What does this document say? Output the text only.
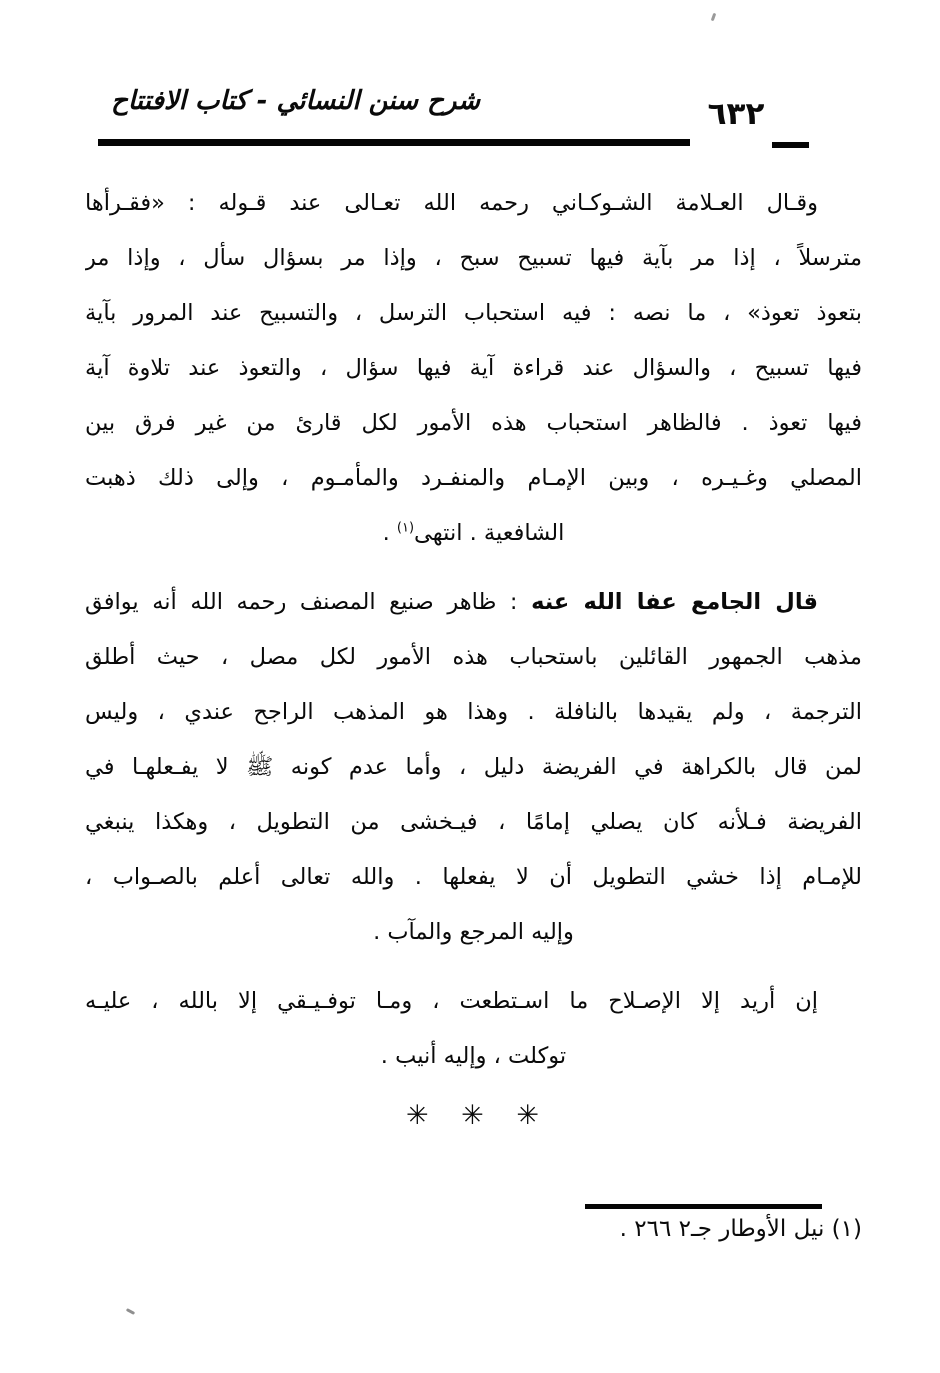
شرح سنن النسائي - كتاب الافتتاح	٦٣٢
وقـال العـلامة الشـوكـاني رحمه الله تعـالى عند قـوله : «فقـرأها
مترسلاً ، إذا مر بآية فيها تسبيح سبح ، وإذا مر بسؤال سأل ، وإذا مر
بتعوذ تعوذ» ، ما نصه : فيه استحباب الترسل ، والتسبيح عند المرور بآية
فيها تسبيح ، والسؤال عند قراءة آية فيها سؤال ، والتعوذ عند تلاوة آية
فيها تعوذ . فالظاهر استحباب هذه الأمور لكل قارئ من غير فرق بين
المصلي وغـيـره ، وبين الإمـام والمنفـرد والمأمـوم ، وإلى ذلك ذهبت
الشافعية . انتهى$^{(١)}$ .
قال الجامع عفا الله عنه : ظاهر صنيع المصنف رحمه الله أنه يوافق
مذهب الجمهور القائلين باستحباب هذه الأمور لكل مصل ، حيث أطلق
الترجمة ، ولم يقيدها بالنافلة . وهذا هو المذهب الراجح عندي ، وليس
لمن قال بالكراهة في الفريضة دليل ، وأما عدم كونه ﷺ لا يفـعلهـا في
الفريضة فـلأنه كان يصلي إمامًا ، فيـخشى من التطويل ، وهكذا ينبغي
للإمـام إذا خشي التطويل أن لا يفعلها . والله تعالى أعلم بالصـواب ،
وإليه المرجع والمآب .
إن أريد إلا الإصـلاح ما اسـتطعت ، ومـا توفـيـقي إلا بالله ، عليـه
توكلت ، وإليه أنيب .
✳ ✳ ✳
(١) نيل الأوطار جـ٢ ٢٦٦ .
